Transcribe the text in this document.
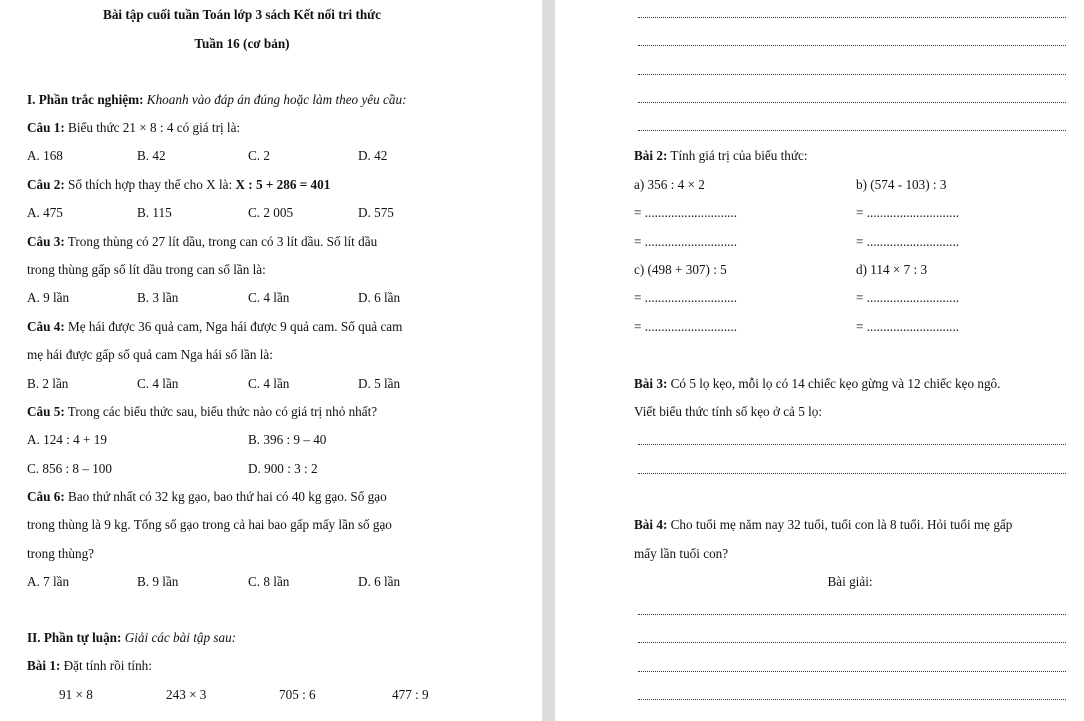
Bài tập cuối tuần Toán lớp 3 sách Kết nối tri thức
Tuần 16 (cơ bản)
I. Phần trắc nghiệm: Khoanh vào đáp án đúng hoặc làm theo yêu cầu:
Câu 1: Biểu thức 21 × 8 : 4 có giá trị là:
A. 168	B. 42	C. 2	D. 42
Câu 2: Số thích hợp thay thế cho X là: X : 5 + 286 = 401
A. 475	B. 115	C. 2 005	D. 575
Câu 3: Trong thùng có 27 lít dầu, trong can có 3 lít dầu. Số lít dầu
trong thùng gấp số lít dầu trong can số lần là:
A. 9 lần	B. 3 lần	C. 4 lần	D. 6 lần
Câu 4: Mẹ hái được 36 quả cam, Nga hái được 9 quả cam. Số quả cam
mẹ hái được gấp số quả cam Nga hái số lần là:
B. 2 lần	C. 4 lần	C. 4 lần	D. 5 lần
Câu 5: Trong các biểu thức sau, biểu thức nào có giá trị nhỏ nhất?
A. 124 : 4 + 19	B. 396 : 9 – 40
C. 856 : 8 – 100	D. 900 : 3 : 2
Câu 6: Bao thứ nhất có 32 kg gạo, bao thứ hai có 40 kg gạo. Số gạo
trong thùng là 9 kg. Tổng số gạo trong cả hai bao gấp mấy lần số gạo
trong thùng?
A. 7 lần	B. 9 lần	C. 8 lần	D. 6 lần
II. Phần tự luận: Giải các bài tập sau:
Bài 1: Đặt tính rồi tính:
91 × 8	243 × 3	705 : 6	477 : 9
Bài 2: Tính giá trị của biểu thức:
a) 356 : 4 × 2	b) (574 - 103) : 3
= ............................	= ............................
= ............................	= ............................
c) (498 + 307) : 5	d) 114 × 7 : 3
= ............................	= ............................
= ............................	= ............................
Bài 3: Có 5 lọ kẹo, mỗi lọ có 14 chiếc kẹo gừng và 12 chiếc kẹo ngô.
Viết biểu thức tính số kẹo ở cả 5 lọ:
Bài 4: Cho tuổi mẹ năm nay 32 tuổi, tuổi con là 8 tuổi. Hỏi tuổi mẹ gấp
mấy lần tuổi con?
Bài giải:
